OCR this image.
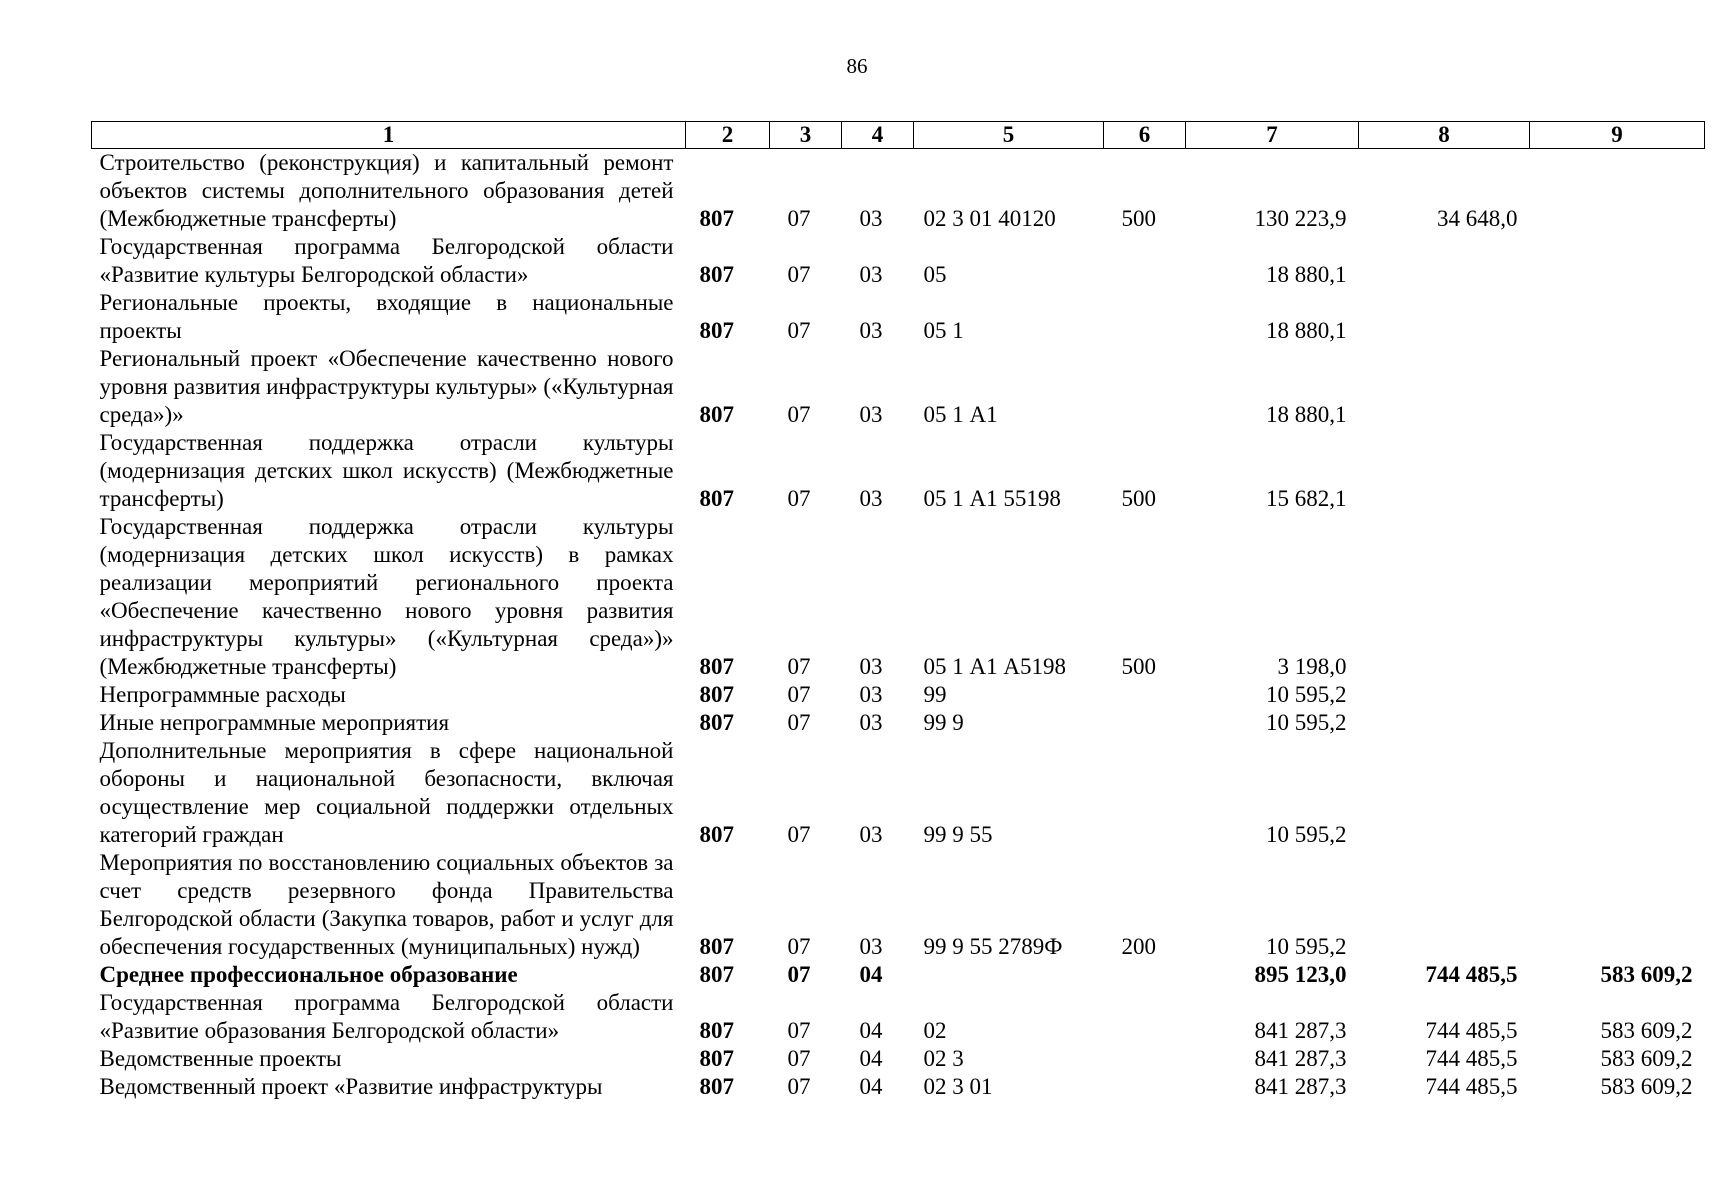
86
1	2	3	4	5	6	7	8	9
Строительство (реконструкция) и капитальный ремонт объектов системы дополнительного образования детей (Межбюджетные трансферты)	807	07	03	02 3 01 40120	500	130 223,9	34 648,0	
Государственная программа Белгородской области «Развитие культуры Белгородской области»	807	07	03	05		18 880,1		
Региональные проекты, входящие в национальные проекты	807	07	03	05 1		18 880,1		
Региональный проект «Обеспечение качественно нового уровня развития инфраструктуры культуры» («Культурная среда»)»	807	07	03	05 1 А1		18 880,1		
Государственная поддержка отрасли культуры (модернизация детских школ искусств) (Межбюджетные трансферты)	807	07	03	05 1 А1 55198	500	15 682,1		
Государственная поддержка отрасли культуры (модернизация детских школ искусств) в рамках реализации мероприятий регионального проекта «Обеспечение качественно нового уровня развития инфраструктуры культуры» («Культурная среда»)» (Межбюджетные трансферты)	807	07	03	05 1 А1 А5198	500	3 198,0		
Непрограммные расходы	807	07	03	99		10 595,2		
Иные непрограммные мероприятия	807	07	03	99 9		10 595,2		
Дополнительные мероприятия в сфере национальной обороны и национальной безопасности, включая осуществление мер социальной поддержки отдельных категорий граждан	807	07	03	99 9 55		10 595,2		
Мероприятия по восстановлению социальных объектов за счет средств резервного фонда Правительства Белгородской области (Закупка товаров, работ и услуг для обеспечения государственных (муниципальных) нужд)	807	07	03	99 9 55 2789Ф	200	10 595,2		
Среднее профессиональное образование	807	07	04			895 123,0	744 485,5	583 609,2
Государственная программа Белгородской области «Развитие образования Белгородской области»	807	07	04	02		841 287,3	744 485,5	583 609,2
Ведомственные проекты	807	07	04	02 3		841 287,3	744 485,5	583 609,2
Ведомственный проект «Развитие инфраструктуры	807	07	04	02 3 01		841 287,3	744 485,5	583 609,2
